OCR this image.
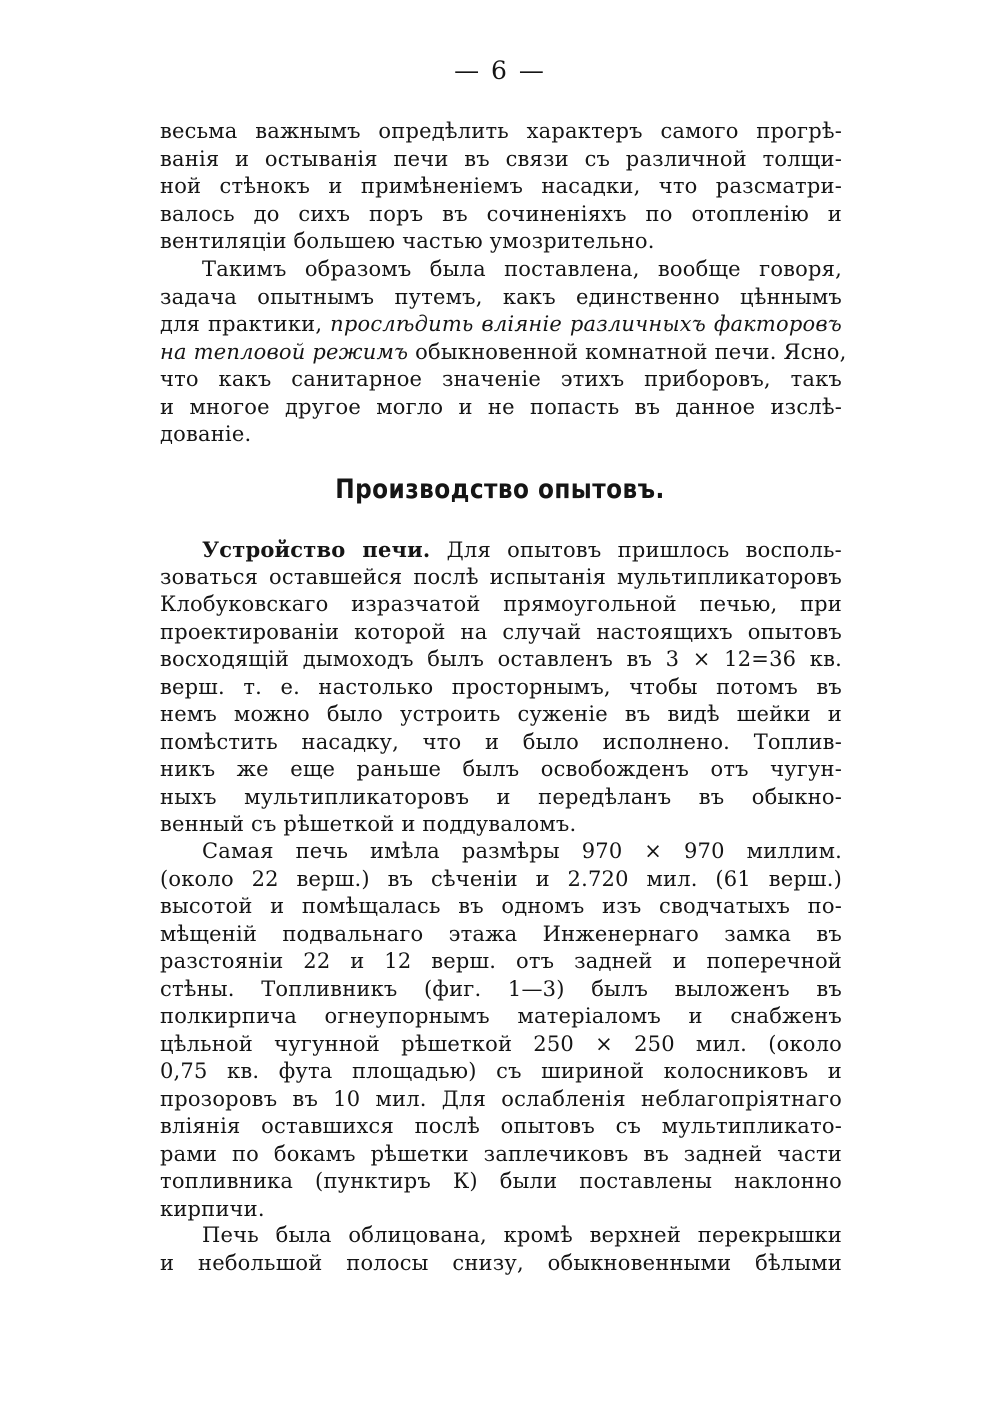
— 6 —
весьма важнымъ опредѣлить характеръ самого прогрѣ-
ванія и остыванія печи въ связи съ различной толщи-
ной стѣнокъ и примѣненіемъ насадки, что разсматри-
валось до сихъ поръ въ сочиненіяхъ по отопленію и
вентиляціи большею частью умозрительно.
Такимъ образомъ была поставлена, вообще говоря,
задача опытнымъ путемъ, какъ единственно цѣннымъ
для практики, прослѣдить вліяніе различныхъ факторовъ
на тепловой режимъ обыкновенной комнатной печи. Ясно,
что какъ санитарное значеніе этихъ приборовъ, такъ
и многое другое могло и не попасть въ данное изслѣ-
дованіе.
Производство опытовъ.
Устройство печи. Для опытовъ пришлось воспoль-
зоваться оставшейся послѣ испытанія мультипликаторовъ
Клобуковскаго изразчатой прямоугольной печью, при
проектированіи которой на случай настоящихъ опытовъ
восходящій дымоходъ былъ оставленъ въ 3 × 12=36 кв.
верш. т. е. настолько просторнымъ, чтобы потомъ въ
немъ можно было устроить суженіе въ видѣ шейки и
помѣстить насадку, что и было исполнено. Топлив-
никъ же еще раньше былъ освобожденъ отъ чугун-
ныхъ мультипликаторовъ и передѣланъ въ обыкно-
венный съ рѣшеткой и поддуваломъ.
Самая печь имѣла размѣры 970 × 970 миллим.
(около 22 верш.) въ сѣченіи и 2.720 мил. (61 верш.)
высотой и помѣщалась въ одномъ изъ сводчатыхъ по-
мѣщеній подвальнаго этажа Инженернаго замка въ
разстояніи 22 и 12 верш. отъ задней и поперечной
стѣны. Топливникъ (фиг. 1—3) былъ выложенъ въ
полкирпича огнеупорнымъ матеріаломъ и снабженъ
цѣльной чугунной рѣшеткой 250 × 250 мил. (около
0,75 кв. фута площадью) съ шириной колосниковъ и
прозоровъ въ 10 мил. Для ослабленія неблагопріятнаго
вліянія оставшихся послѣ опытовъ съ мультипликато-
рами по бокамъ рѣшетки заплечиковъ въ задней части
топливника (пунктиръ К) были поставлены наклонно
кирпичи.
Печь была облицована, кромѣ верхней перекрышки
и небольшой полосы снизу, обыкновенными бѣлыми
